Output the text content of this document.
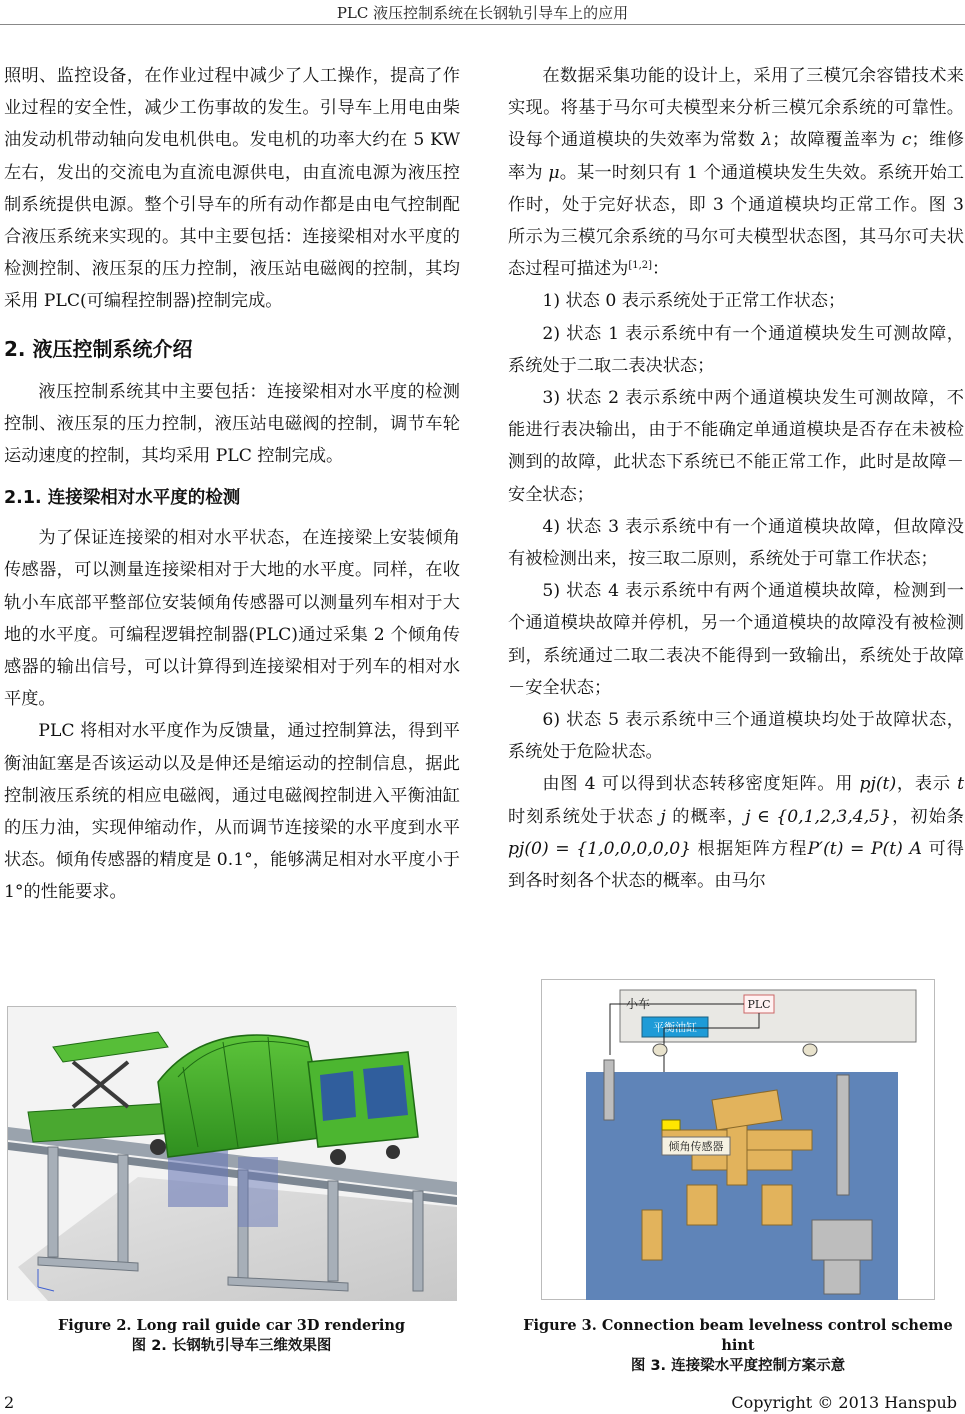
PLC 液压控制系统在长钢轨引导车上的应用

照明、监控设备，在作业过程中减少了人工操作，提高了作业过程的安全性，减少工伤事故的发生。引导车上用电由柴油发动机带动轴向发电机供电。发电机的功率大约在 5 KW 左右，发出的交流电为直流电源供电，由直流电源为液压控制系统提供电源。整个引导车的所有动作都是由电气控制配合液压系统来实现的。其中主要包括：连接梁相对水平度的检测控制、液压泵的压力控制，液压站电磁阀的控制，其均采用 PLC(可编程控制器)控制完成。

2. 液压控制系统介绍

液压控制系统其中主要包括：连接梁相对水平度的检测控制、液压泵的压力控制，液压站电磁阀的控制，调节车轮运动速度的控制，其均采用 PLC 控制完成。

2.1. 连接梁相对水平度的检测

为了保证连接梁的相对水平状态，在连接梁上安装倾角传感器，可以测量连接梁相对于大地的水平度。同样，在收轨小车底部平整部位安装倾角传感器可以测量列车相对于大地的水平度。可编程逻辑控制器(PLC)通过采集 2 个倾角传感器的输出信号，可以计算得到连接梁相对于列车的相对水平度。

PLC 将相对水平度作为反馈量，通过控制算法，得到平衡油缸塞是否该运动以及是伸还是缩运动的控制信息，据此控制液压系统的相应电磁阀，通过电磁阀控制进入平衡油缸的压力油，实现伸缩动作，从而调节连接梁的水平度到水平状态。倾角传感器的精度是 0.1°，能够满足相对水平度小于 1°的性能要求。

在数据采集功能的设计上，采用了三模冗余容错技术来实现。将基于马尔可夫模型来分析三模冗余系统的可靠性。设每个通道模块的失效率为常数 λ；故障覆盖率为 c；维修率为 μ。某一时刻只有 1 个通道模块发生失效。系统开始工作时，处于完好状态，即 3 个通道模块均正常工作。图 3 所示为三模冗余系统的马尔可夫模型状态图，其马尔可夫状态过程可描述为[1,2]：

1) 状态 0 表示系统处于正常工作状态；

2) 状态 1 表示系统中有一个通道模块发生可测故障，系统处于二取二表决状态；

3) 状态 2 表示系统中两个通道模块发生可测故障，不能进行表决输出，由于不能确定单通道模块是否存在未被检测到的故障，此状态下系统已不能正常工作，此时是故障－安全状态；

4) 状态 3 表示系统中有一个通道模块故障，但故障没有被检测出来，按三取二原则，系统处于可靠工作状态；

5) 状态 4 表示系统中有两个通道模块故障，检测到一个通道模块故障并停机，另一个通道模块的故障没有被检测到，系统通过二取二表决不能得到一致输出，系统处于故障－安全状态；

6) 状态 5 表示系统中三个通道模块均处于故障状态，系统处于危险状态。

由图 4 可以得到状态转移密度矩阵。用 pj(t)，表示 t 时刻系统处于状态 j 的概率，j ∈ {0,1,2,3,4,5}，初始条 pj(0) = {1,0,0,0,0,0} 根据矩阵方程P′(t) = P(t) A 可得到各时刻各个状态的概率。由马尔

Figure 2. Long rail guide car 3D rendering
图 2. 长钢轨引导车三维效果图
小车
平衡油缸
PLC
倾角传感器
Figure 3. Connection beam levelness control scheme hint
图 3. 连接梁水平度控制方案示意
2	Copyright © 2013 Hanspub
